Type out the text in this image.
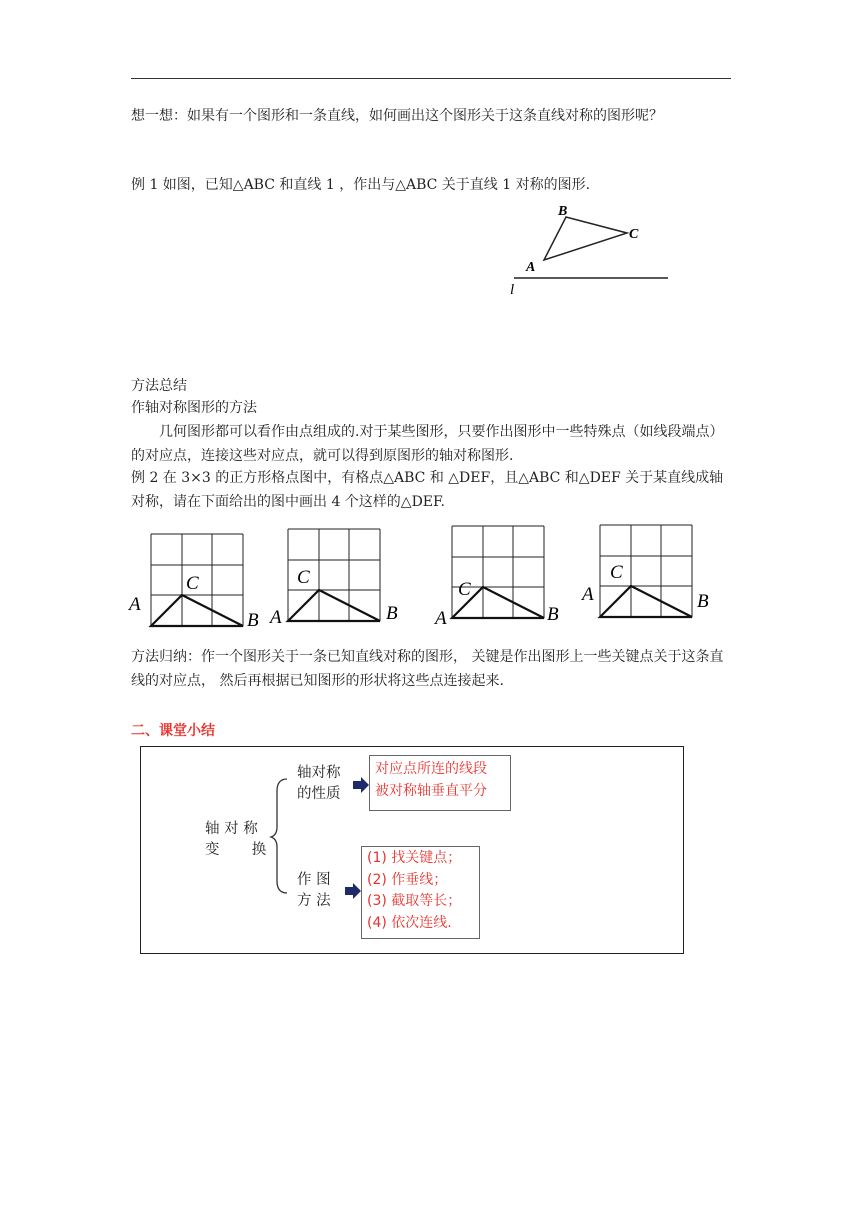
想一想：如果有一个图形和一条直线，如何画出这个图形关于这条直线对称的图形呢？
例 1 如图，已知△ABC 和直线 1 ，作出与△ABC 关于直线 1 对称的图形.
B
C
A
l
方法总结
作轴对称图形的方法
几何图形都可以看作由点组成的.对于某些图形，只要作出图形中一些特殊点（如线段端点）的对应点，连接这些对应点，就可以得到原图形的轴对称图形.
例 2 在 3×3 的正方形格点图中，有格点△ABC 和 △DEF，且△ABC 和△DEF 关于某直线成轴对称，请在下面给出的图中画出 4 个这样的△DEF.
C
A
B
C
A	B
C
A	B
C
A	B
方法归纳：作一个图形关于一条已知直线对称的图形， 关键是作出图形上一些关键点关于这条直线的对应点， 然后再根据已知图形的形状将这些点连接起来.
二、课堂小结
轴 对 称
变       换
轴对称
的性质
对应点所连的线段
被对称轴垂直平分
作 图
方 法
(1) 找关键点；
(2) 作垂线；
(3) 截取等长；
(4) 依次连线.
